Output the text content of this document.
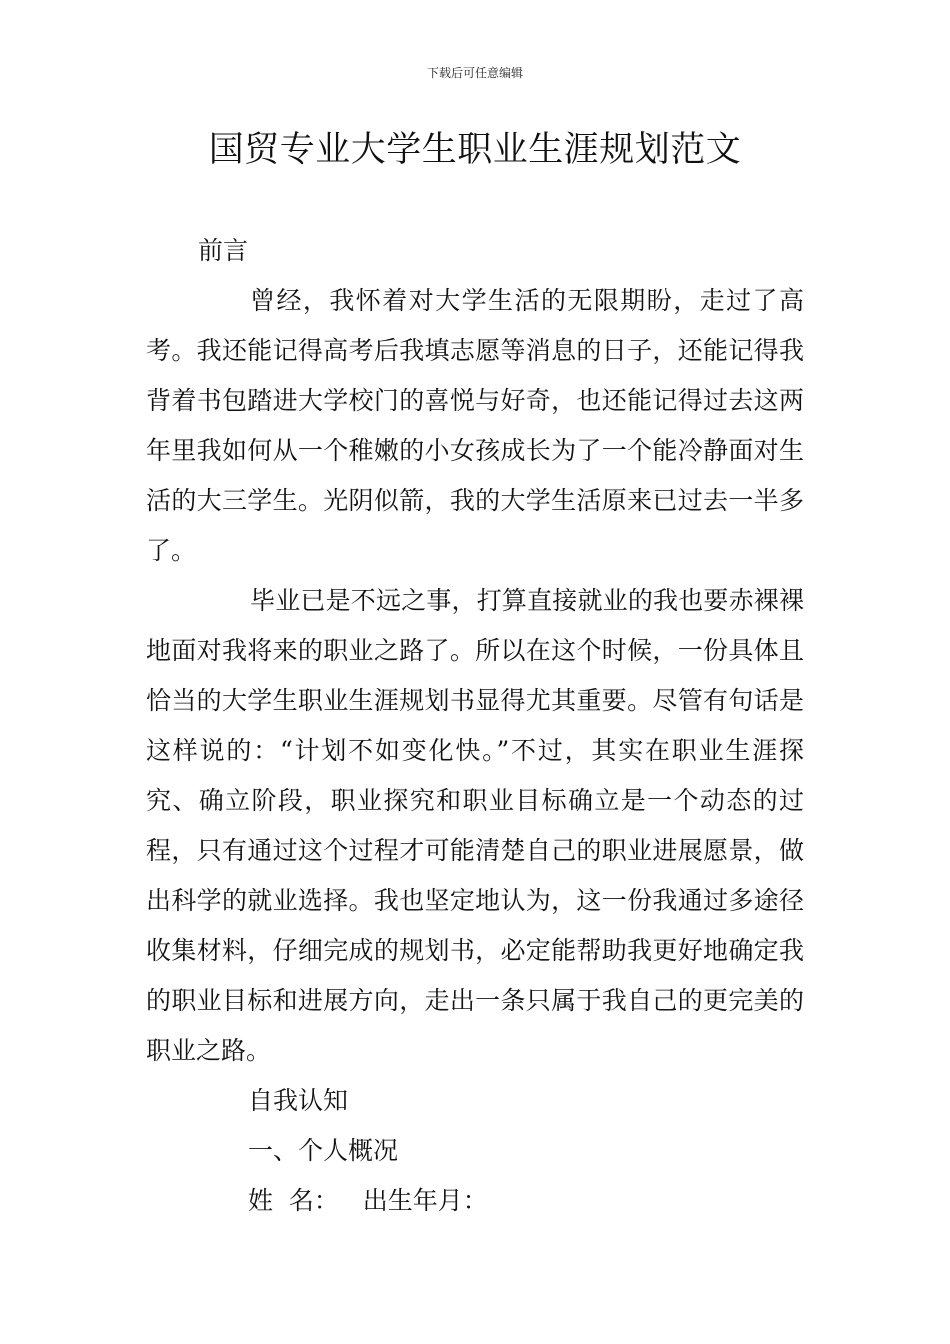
下载后可任意编辑
国贸专业大学生职业生涯规划范文

前言

曾经，我怀着对大学生活的无限期盼，走过了高考。我还能记得高考后我填志愿等消息的日子，还能记得我背着书包踏进大学校门的喜悦与好奇，也还能记得过去这两年里我如何从一个稚嫩的小女孩成长为了一个能冷静面对生活的大三学生。光阴似箭，我的大学生活原来已过去一半多了。

毕业已是不远之事，打算直接就业的我也要赤裸裸地面对我将来的职业之路了。所以在这个时候，一份具体且恰当的大学生职业生涯规划书显得尤其重要。尽管有句话是这样说的：“计划不如变化快。”不过，其实在职业生涯探究、确立阶段，职业探究和职业目标确立是一个动态的过程，只有通过这个过程才可能清楚自己的职业进展愿景，做出科学的就业选择。我也坚定地认为，这一份我通过多途径收集材料，仔细完成的规划书，必定能帮助我更好地确定我的职业目标和进展方向，走出一条只属于我自己的更完美的职业之路。

自我认知

一、个人概况

姓  名：   出生年月：
